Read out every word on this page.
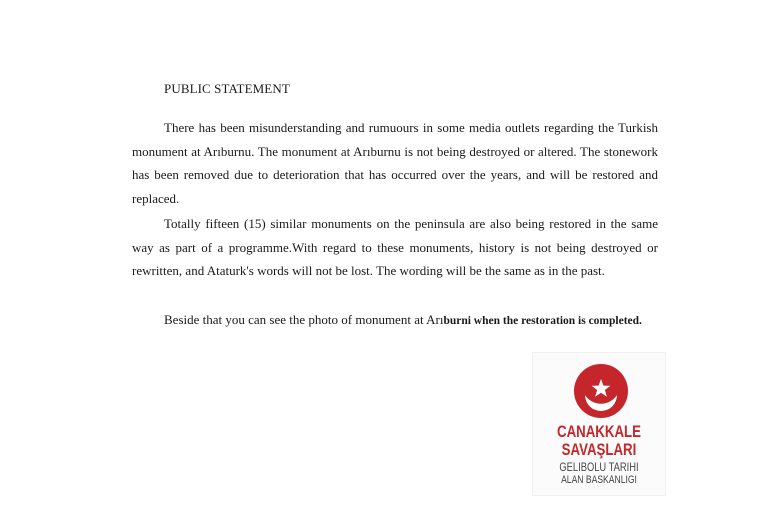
PUBLIC STATEMENT

There has been misunderstanding and rumuours in some media outlets regarding the Turkish monument at Arıburnu. The monument at Arıburnu is not being destroyed or altered. The stonework has been removed due to deterioration that has occurred over the years, and will be restored and replaced.

Totally fifteen (15) similar monuments on the peninsula are also being restored in the same way as part of a programme.With regard to these monuments, history is not being destroyed or rewritten, and Ataturk's words will not be lost. The wording will be the same as in the past.

Beside that you can see the photo of monument at Arıburni when the restoration is completed.

CANAKKALE
SAVAŞLARI
GELIBOLU TARIHI
ALAN BASKANLIGI
